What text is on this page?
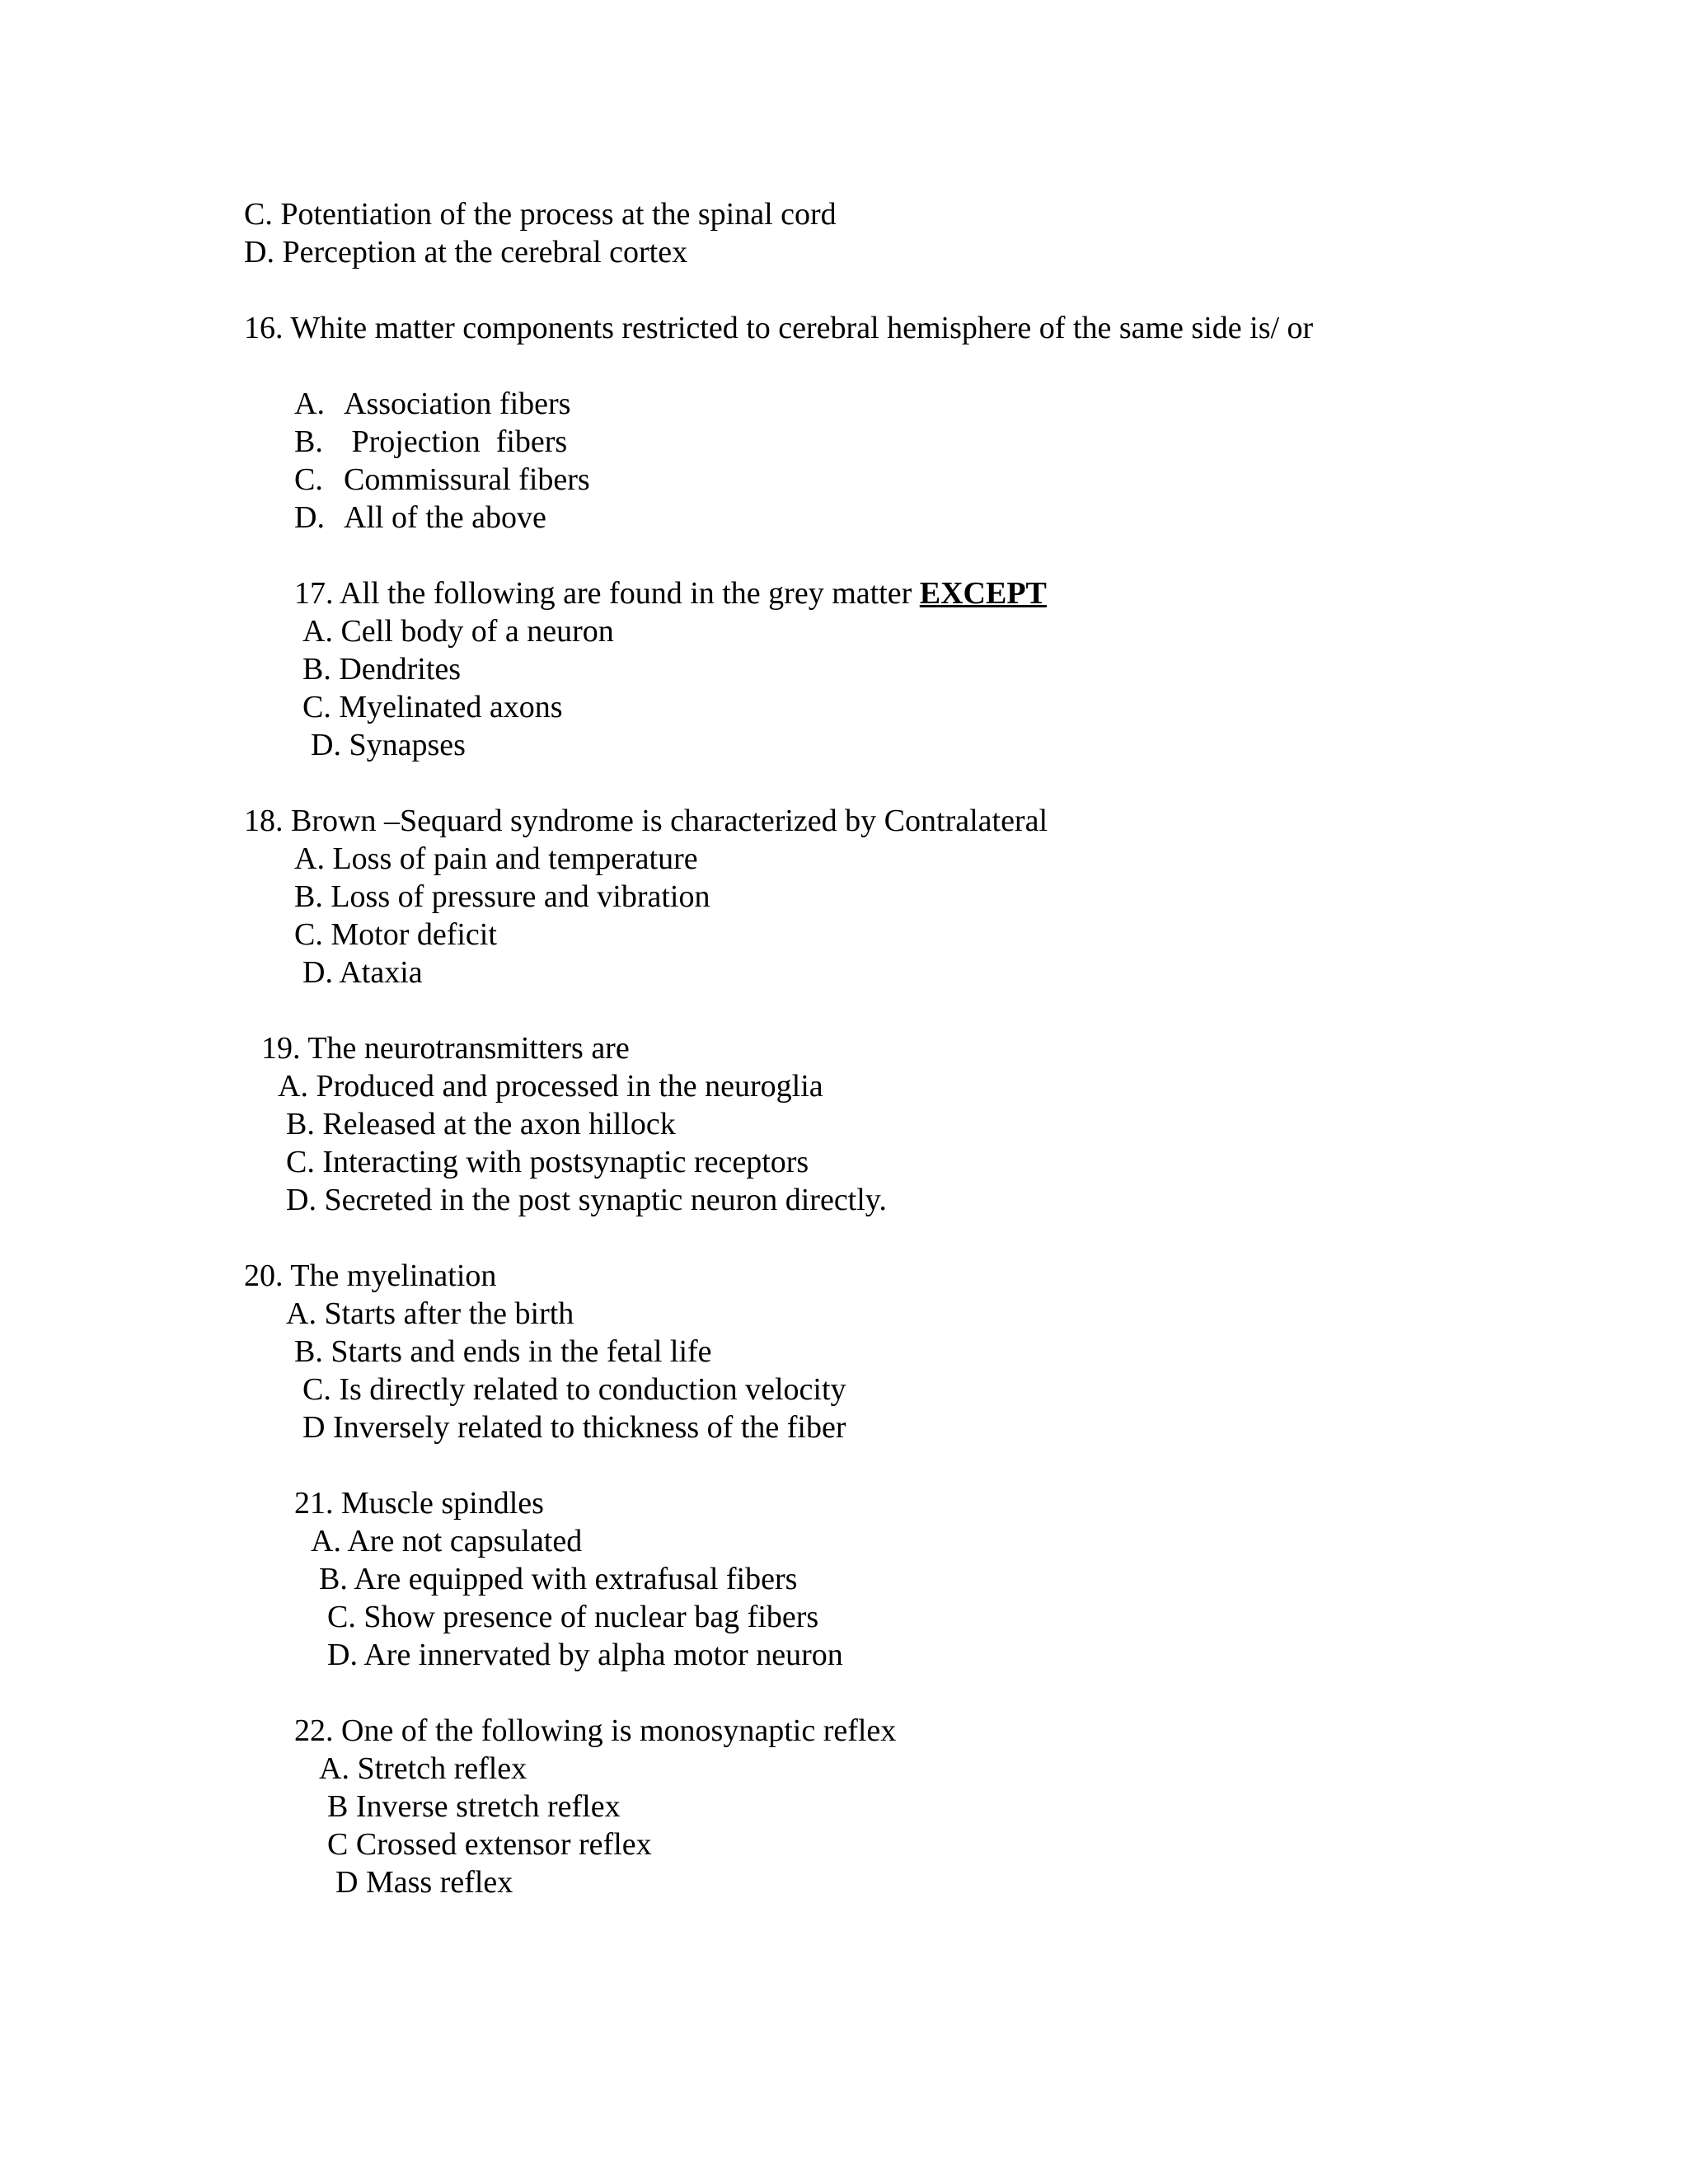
C. Potentiation of the process at the spinal cord
D. Perception at the cerebral cortex
16. White matter components restricted to cerebral hemisphere of the same side is/ or
A. Association fibers
B. Projection  fibers
C. Commissural fibers
D. All of the above
17. All the following are found in the grey matter EXCEPT
A. Cell body of a neuron
B. Dendrites
C. Myelinated axons
D. Synapses
18. Brown –Sequard syndrome is characterized by Contralateral
A. Loss of pain and temperature
B. Loss of pressure and vibration
C. Motor deficit
D. Ataxia
19. The neurotransmitters are
A. Produced and processed in the neuroglia
B. Released at the axon hillock
C. Interacting with postsynaptic receptors
D. Secreted in the post synaptic neuron directly.
20. The myelination
A. Starts after the birth
B. Starts and ends in the fetal life
C. Is directly related to conduction velocity
D Inversely related to thickness of the fiber
21. Muscle spindles
A. Are not capsulated
B. Are equipped with extrafusal fibers
C. Show presence of nuclear bag fibers
D. Are innervated by alpha motor neuron
22. One of the following is monosynaptic reflex
A. Stretch reflex
B Inverse stretch reflex
C Crossed extensor reflex
D Mass reflex
